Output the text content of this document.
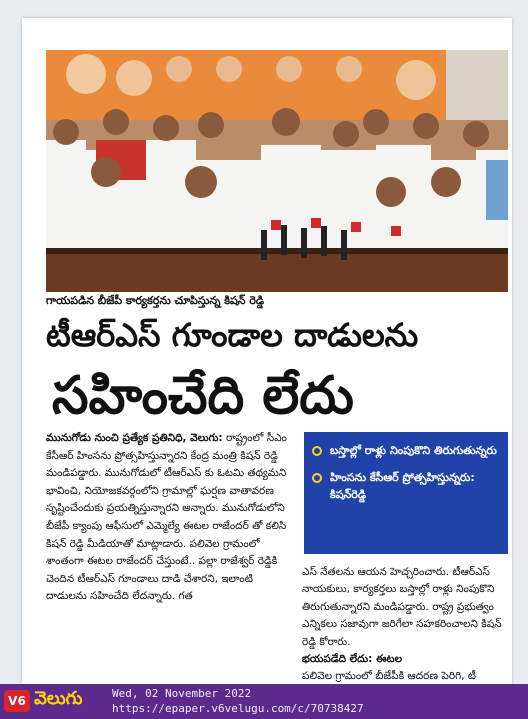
గాయపడిన బీజేపీ కార్యకర్తను చూపిస్తున్న కిషన్ రెడ్డి
టీఆర్ఎస్ గూండాల దాడులను
సహించేది లేదు
మునుగోడు నుంచి ప్రత్యేక ప్రతినిధి, వెలుగు: రాష్ట్రంలో సీఎం కేసీఆర్ హింసను ప్రోత్సహిస్తున్నారని కేంద్ర మంత్రి కిషన్ రెడ్డి మండిపడ్డారు. మునుగోడులో టీఆర్ఎస్ కు ఓటమి తథ్యమని భావించి, నియోజకవర్గంలోని గ్రామాల్లో ఘర్షణ వాతావరణ సృష్టించేందుకు ప్రయత్నిస్తున్నారని అన్నారు. మునుగోడులోని బీజేపీ క్యాంపు ఆఫీసులో ఎమ్మెల్యే ఈటల రాజేందర్ తో కలిసి కిషన్ రెడ్డి మీడియాతో మాట్లాడారు. పలివెల గ్రామంలో శాంతంగా ఈటల రాజేందర్ చేస్తుంటే.. పల్లా రాజేశ్వర్ రెడ్డికి చెందిన టీఆర్ఎస్ గూండాలు దాడి చేశారని, ఇలాంటి దాడులను సహించేది లేదన్నారు. గత
బస్తాల్లో రాళ్లు నింపుకొని తిరుగుతున్నరు
హింసను కేసీఆర్ ప్రోత్సహిస్తున్నరు: కిషన్‌రెడ్డి
ఎస్ నేతలను ఆయన హెచ్చరించారు. టీఆర్ఎస్ నాయకులు, కార్యకర్తలు బస్తాల్లో రాళ్లు నింపుకొని తిరుగుతున్నారని మండిపడ్డారు. రాష్ట్ర ప్రభుత్వం ఎన్నికలు సజావుగా జరిగేలా సహకరించాలని కిషన్ రెడ్డి కోరారు.
భయపడేది లేదు: ఈటల
పలివెల గ్రామంలో బీజేపీకి ఆదరణ పెరిగి, టీ
V6 వెలుగు	Wed, 02 November 2022
https://epaper.v6velugu.com/c/70738427
